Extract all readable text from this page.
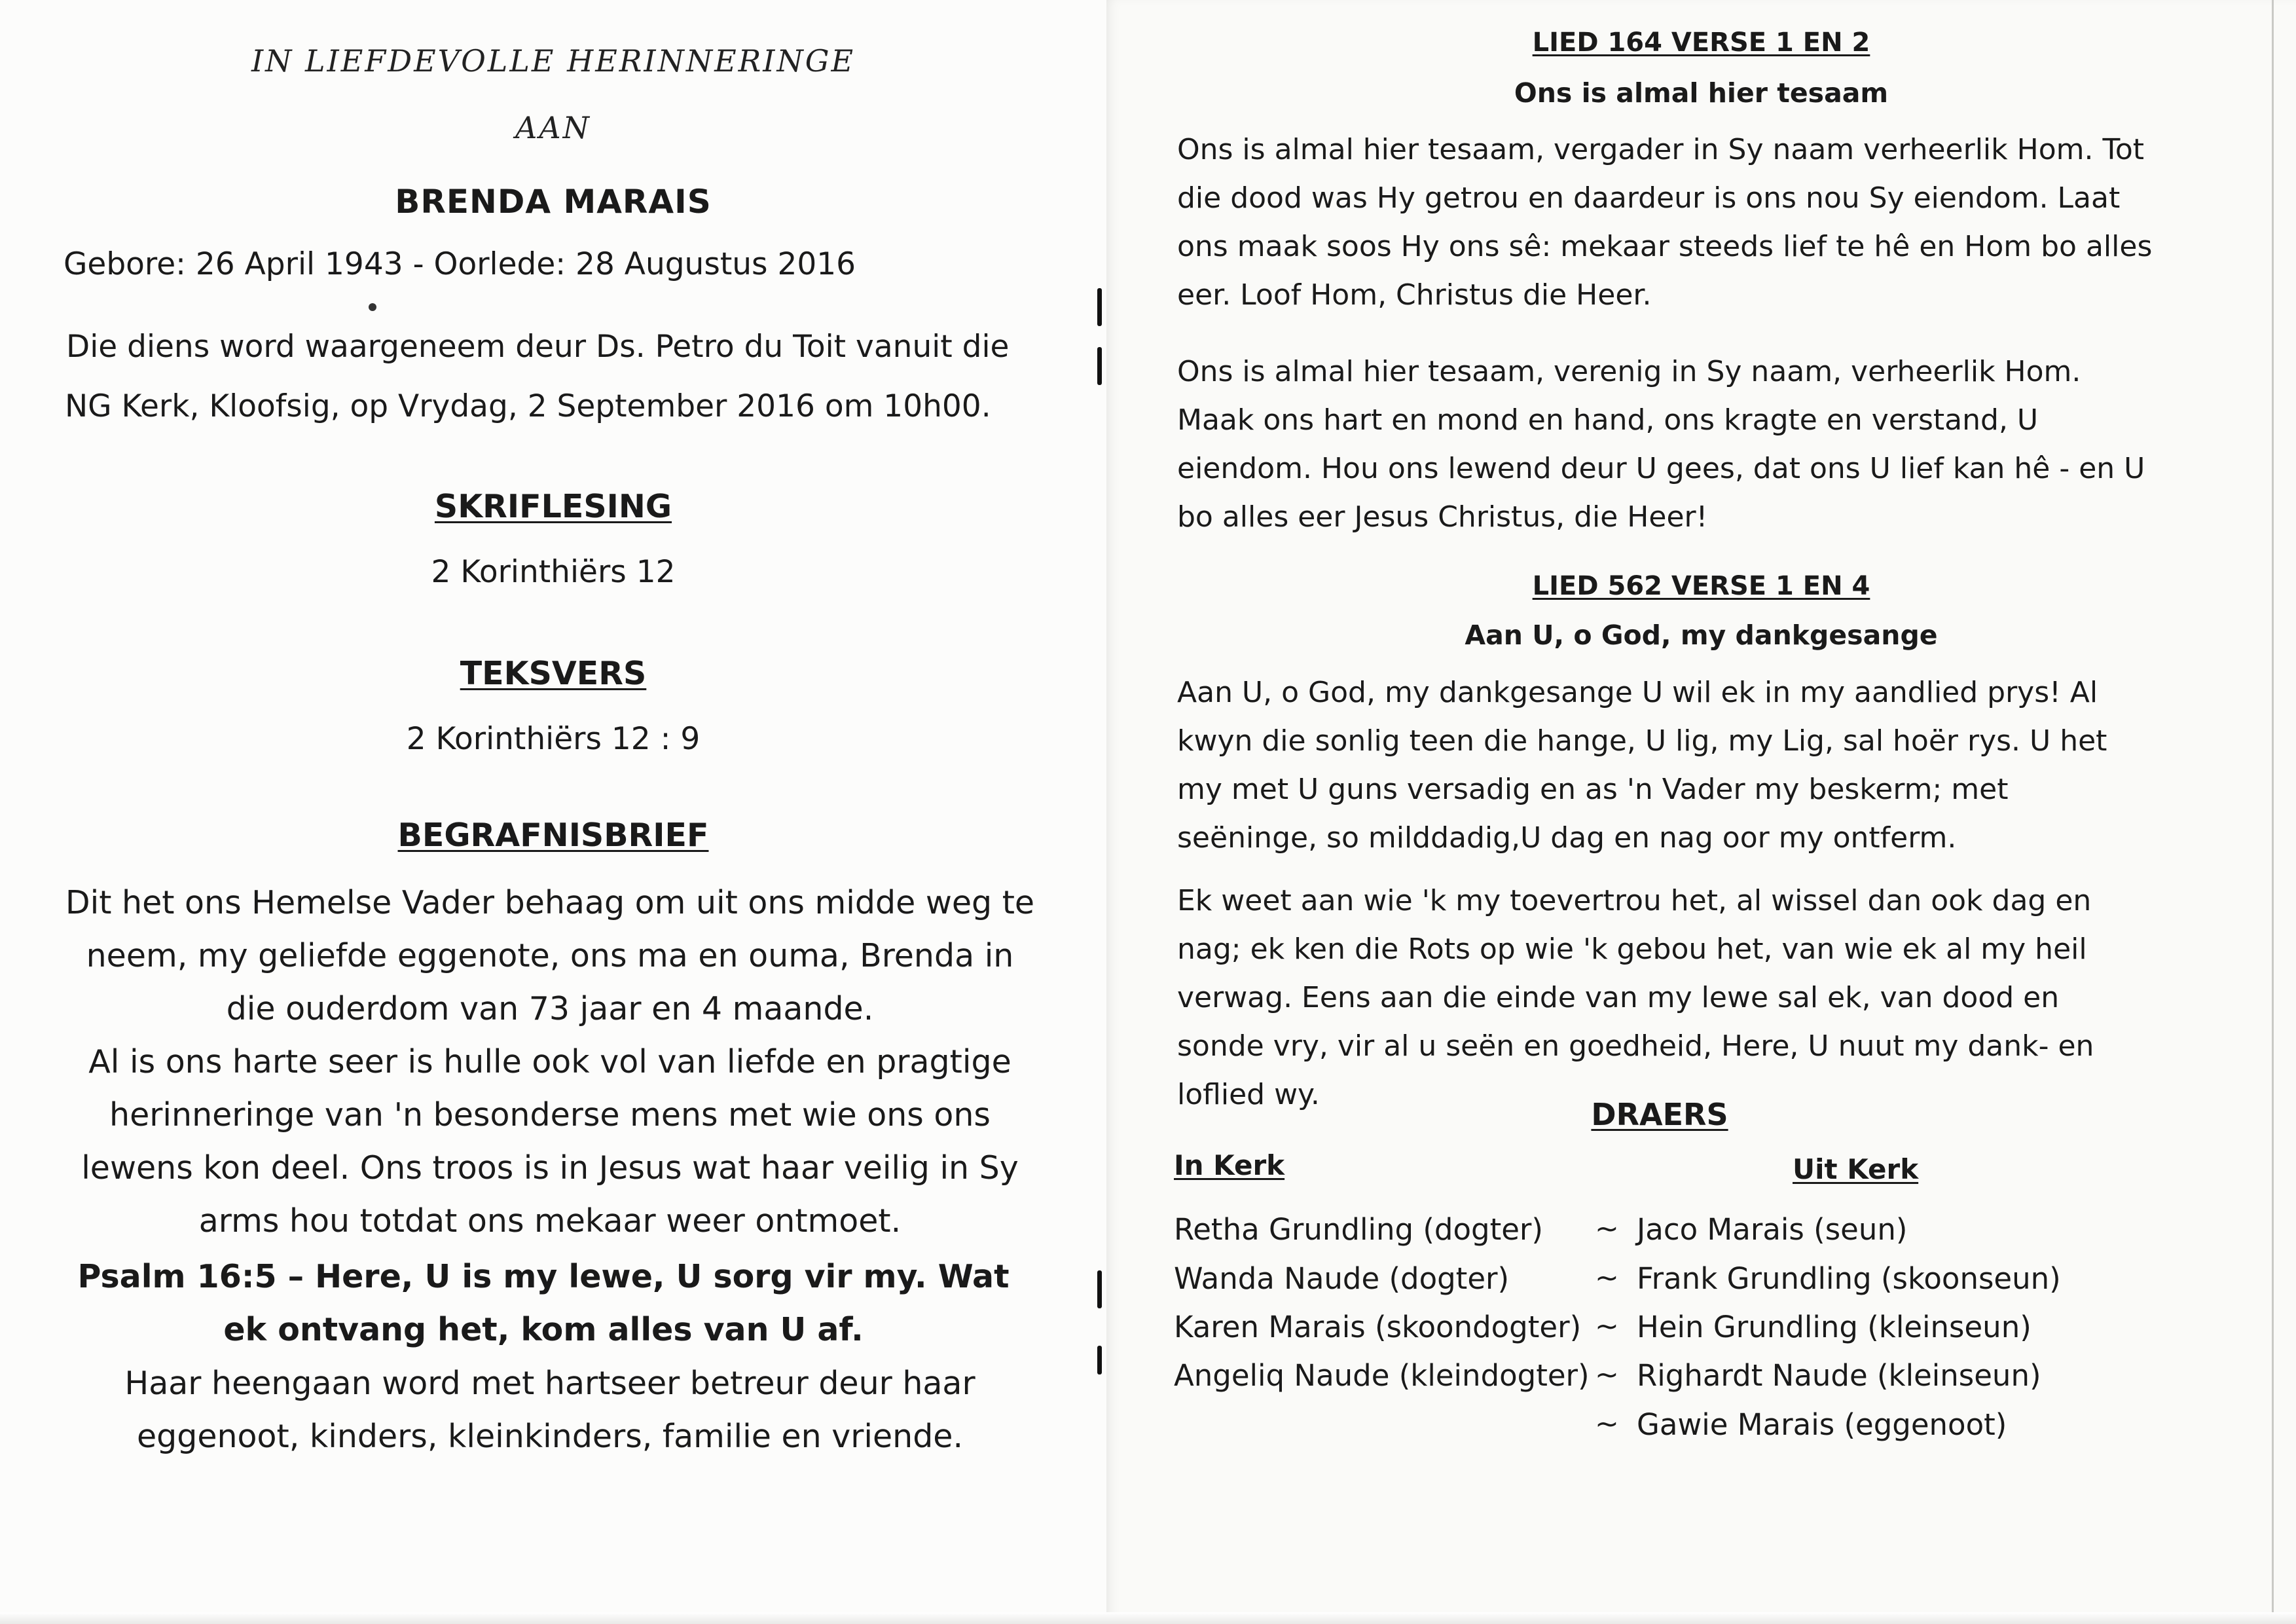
IN LIEFDEVOLLE HERINNERINGE
AAN
BRENDA MARAIS
Gebore: 26 April 1943 - Oorlede: 28 Augustus 2016
Die diens word waargeneem deur Ds. Petro du Toit vanuit die
NG Kerk, Kloofsig, op Vrydag, 2 September 2016 om 10h00.
SKRIFLESING
2 Korinthiërs 12
TEKSVERS
2 Korinthiërs 12 : 9
BEGRAFNISBRIEF
Dit het ons Hemelse Vader behaag om uit ons midde weg te neem, my geliefde eggenote, ons ma en ouma, Brenda in die ouderdom van 73 jaar en 4 maande.
Al is ons harte seer is hulle ook vol van liefde en pragtige herinneringe van 'n besonderse mens met wie ons ons lewens kon deel. Ons troos is in Jesus wat haar veilig in Sy arms hou totdat ons mekaar weer ontmoet.
Psalm 16:5 – Here, U is my lewe, U sorg vir my. Wat ek ontvang het, kom alles van U af.
Haar heengaan word met hartseer betreur deur haar eggenoot, kinders, kleinkinders, familie en vriende.
LIED 164 VERSE 1 EN 2
Ons is almal hier tesaam
Ons is almal hier tesaam, vergader in Sy naam verheerlik Hom. Tot die dood was Hy getrou en daardeur is ons nou Sy eiendom. Laat ons maak soos Hy ons sê: mekaar steeds lief te hê en Hom bo alles eer. Loof Hom, Christus die Heer.
Ons is almal hier tesaam, verenig in Sy naam, verheerlik Hom. Maak ons hart en mond en hand, ons kragte en verstand, U eiendom. Hou ons lewend deur U gees, dat ons U lief kan hê - en U bo alles eer Jesus Christus, die Heer!
LIED 562 VERSE 1 EN 4
Aan U, o God, my dankgesange
Aan U, o God, my dankgesange U wil ek in my aandlied prys! Al kwyn die sonlig teen die hange, U lig, my Lig, sal hoër rys. U het my met U guns versadig en as 'n Vader my beskerm; met seëninge, so milddadig,U dag en nag oor my ontferm.
Ek weet aan wie 'k my toevertrou het, al wissel dan ook dag en nag; ek ken die Rots op wie 'k gebou het, van wie ek al my heil verwag. Eens aan die einde van my lewe sal ek, van dood en sonde vry, vir al u seën en goedheid, Here, U nuut my dank- en loflied wy.
DRAERS
In Kerk	Uit Kerk
Retha Grundling (dogter)
Wanda Naude (dogter)
Karen Marais (skoondogter)
Angeliq Naude (kleindogter)
~
~
~
~
~
Jaco Marais (seun)
Frank Grundling (skoonseun)
Hein Grundling (kleinseun)
Righardt Naude (kleinseun)
Gawie Marais (eggenoot)
